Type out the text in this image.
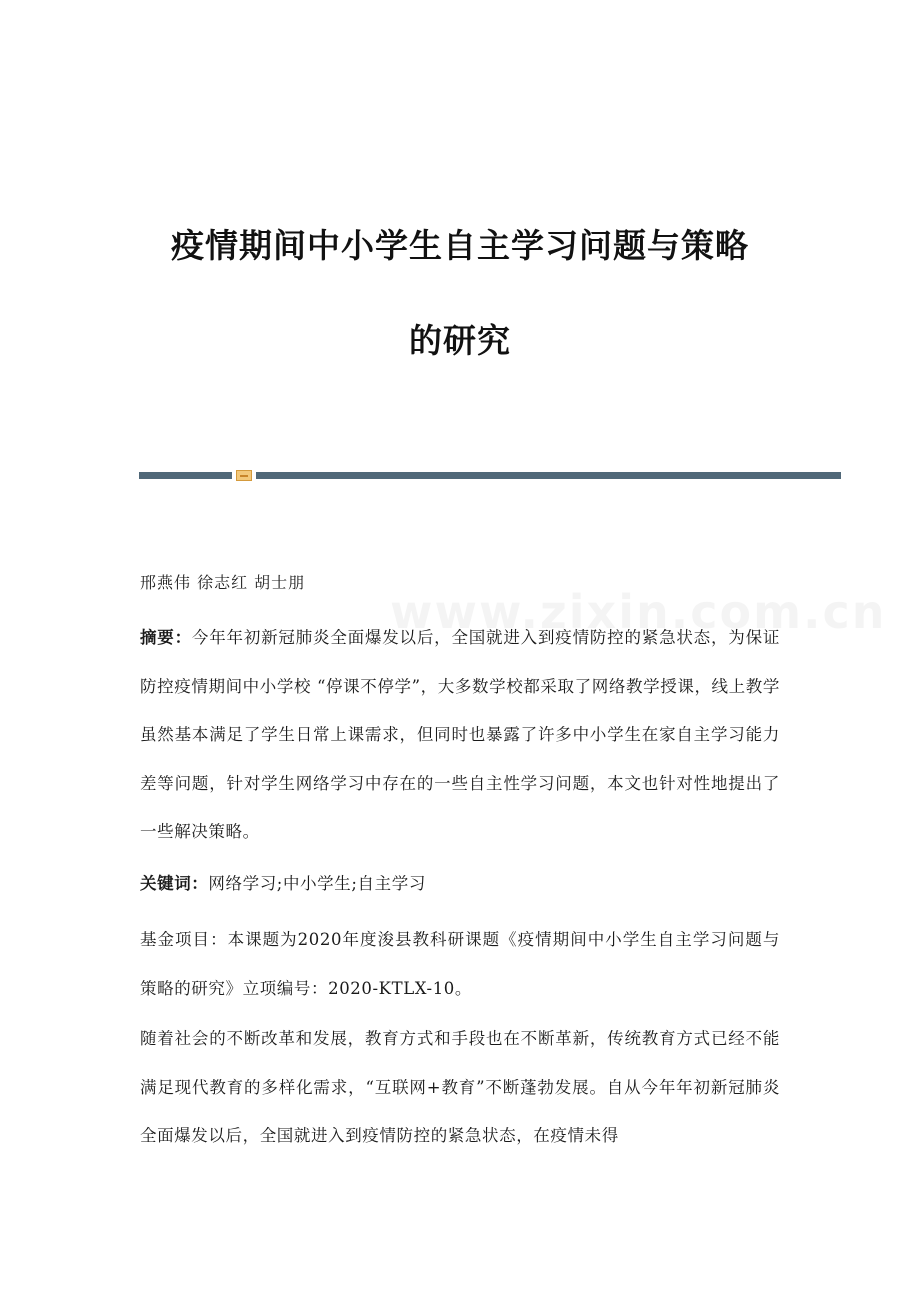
疫情期间中小学生自主学习问题与策略
的研究
邢燕伟 徐志红 胡士朋
摘要：今年年初新冠肺炎全面爆发以后，全国就进入到疫情防控的紧急状态，为保证防控疫情期间中小学校 “停课不停学”，大多数学校都采取了网络教学授课，线上教学虽然基本满足了学生日常上课需求，但同时也暴露了许多中小学生在家自主学习能力差等问题，针对学生网络学习中存在的一些自主性学习问题，本文也针对性地提出了一些解决策略。
关键词：网络学习;中小学生;自主学习
基金项目：本课题为2020年度浚县教科研课题《疫情期间中小学生自主学习问题与策略的研究》立项编号：2020-KTLX-10。
随着社会的不断改革和发展，教育方式和手段也在不断革新，传统教育方式已经不能满足现代教育的多样化需求，“互联网+教育”不断蓬勃发展。自从今年年初新冠肺炎全面爆发以后，全国就进入到疫情防控的紧急状态，在疫情未得
